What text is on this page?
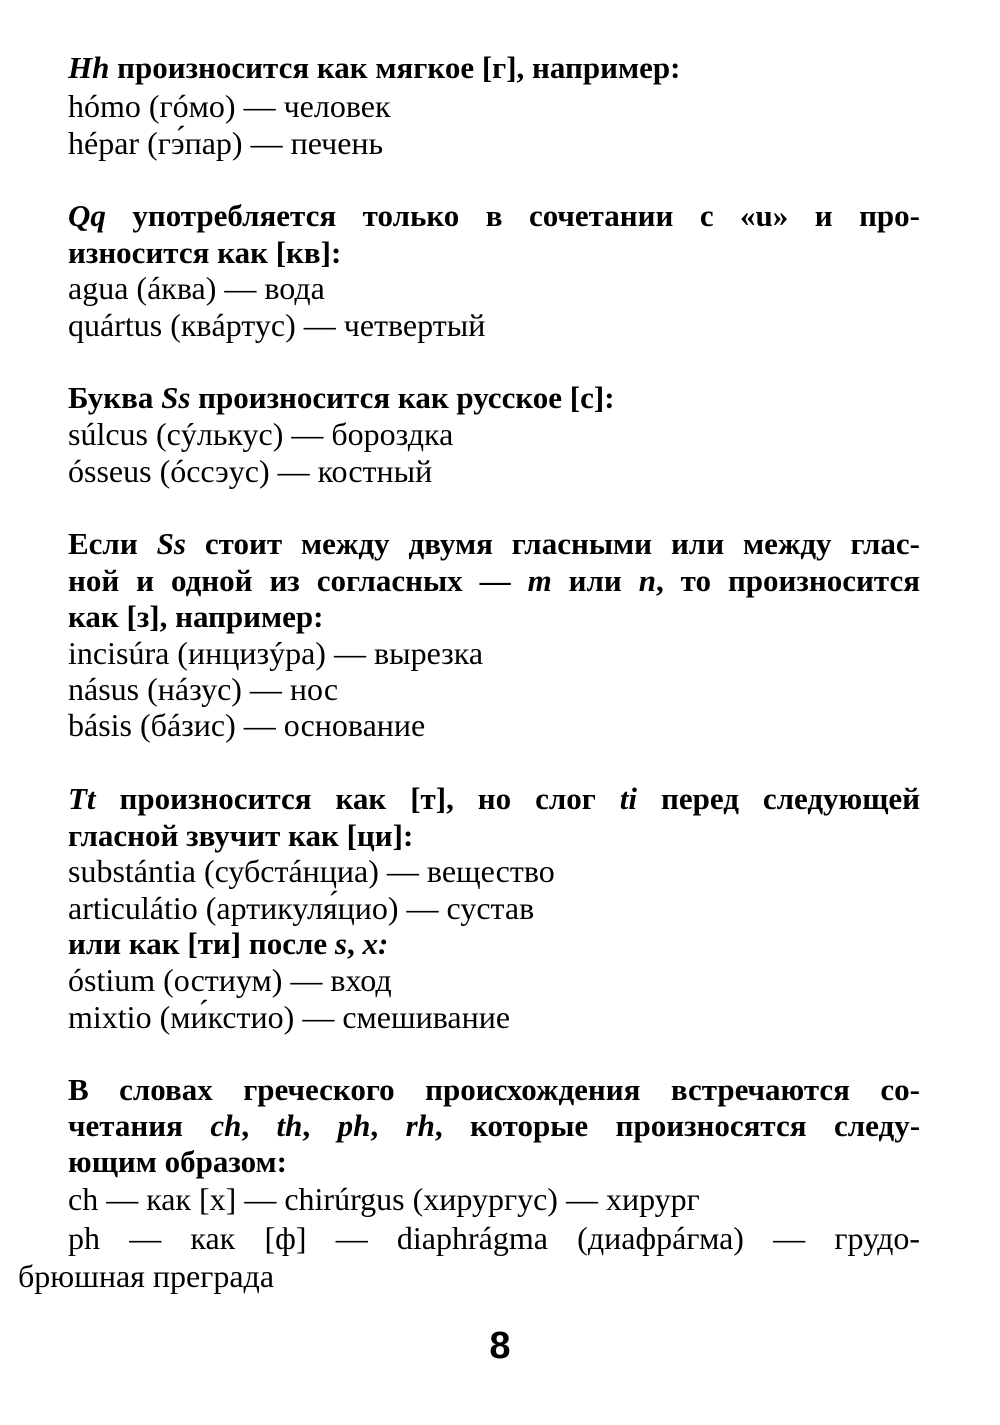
Hh произносится как мягкое [г], например:
hómo (гóмо) — человек
hépar (гэ́пар) — печень
Qq употребляется только в сочетании с «u» и про-
износится как [кв]:
agua (áква) — вода
quártus (квáртус) — четвертый
Буква Ss произносится как русское [с]:
súlcus (сýлькус) — бороздка
ósseus (óссэус) — костный
Если Ss стоит между двумя гласными или между глас-
ной и одной из согласных — m или n, то произносится
как [з], например:
incisúra (инцизýра) — вырезка
násus (нáзус) — нос
básis (бáзис) — основание
Tt произносится как [т], но слог ti перед следующей
гласной звучит как [ци]:
substántia (субстáнциа) — вещество
articulátio (артикуля́цио) — сустав
или как [ти] после s, x:
óstium (остиум) — вход
mixtio (ми́кстио) — смешивание
В словах греческого происхождения встречаются со-
четания ch, th, ph, rh, которые произносятся следу-
ющим образом:
ch — как [х] — chirúrgus (хирургус) — хирург
ph — как [ф] — diaphrágma (диафрáгма) — грудо-
брюшная преграда
8
